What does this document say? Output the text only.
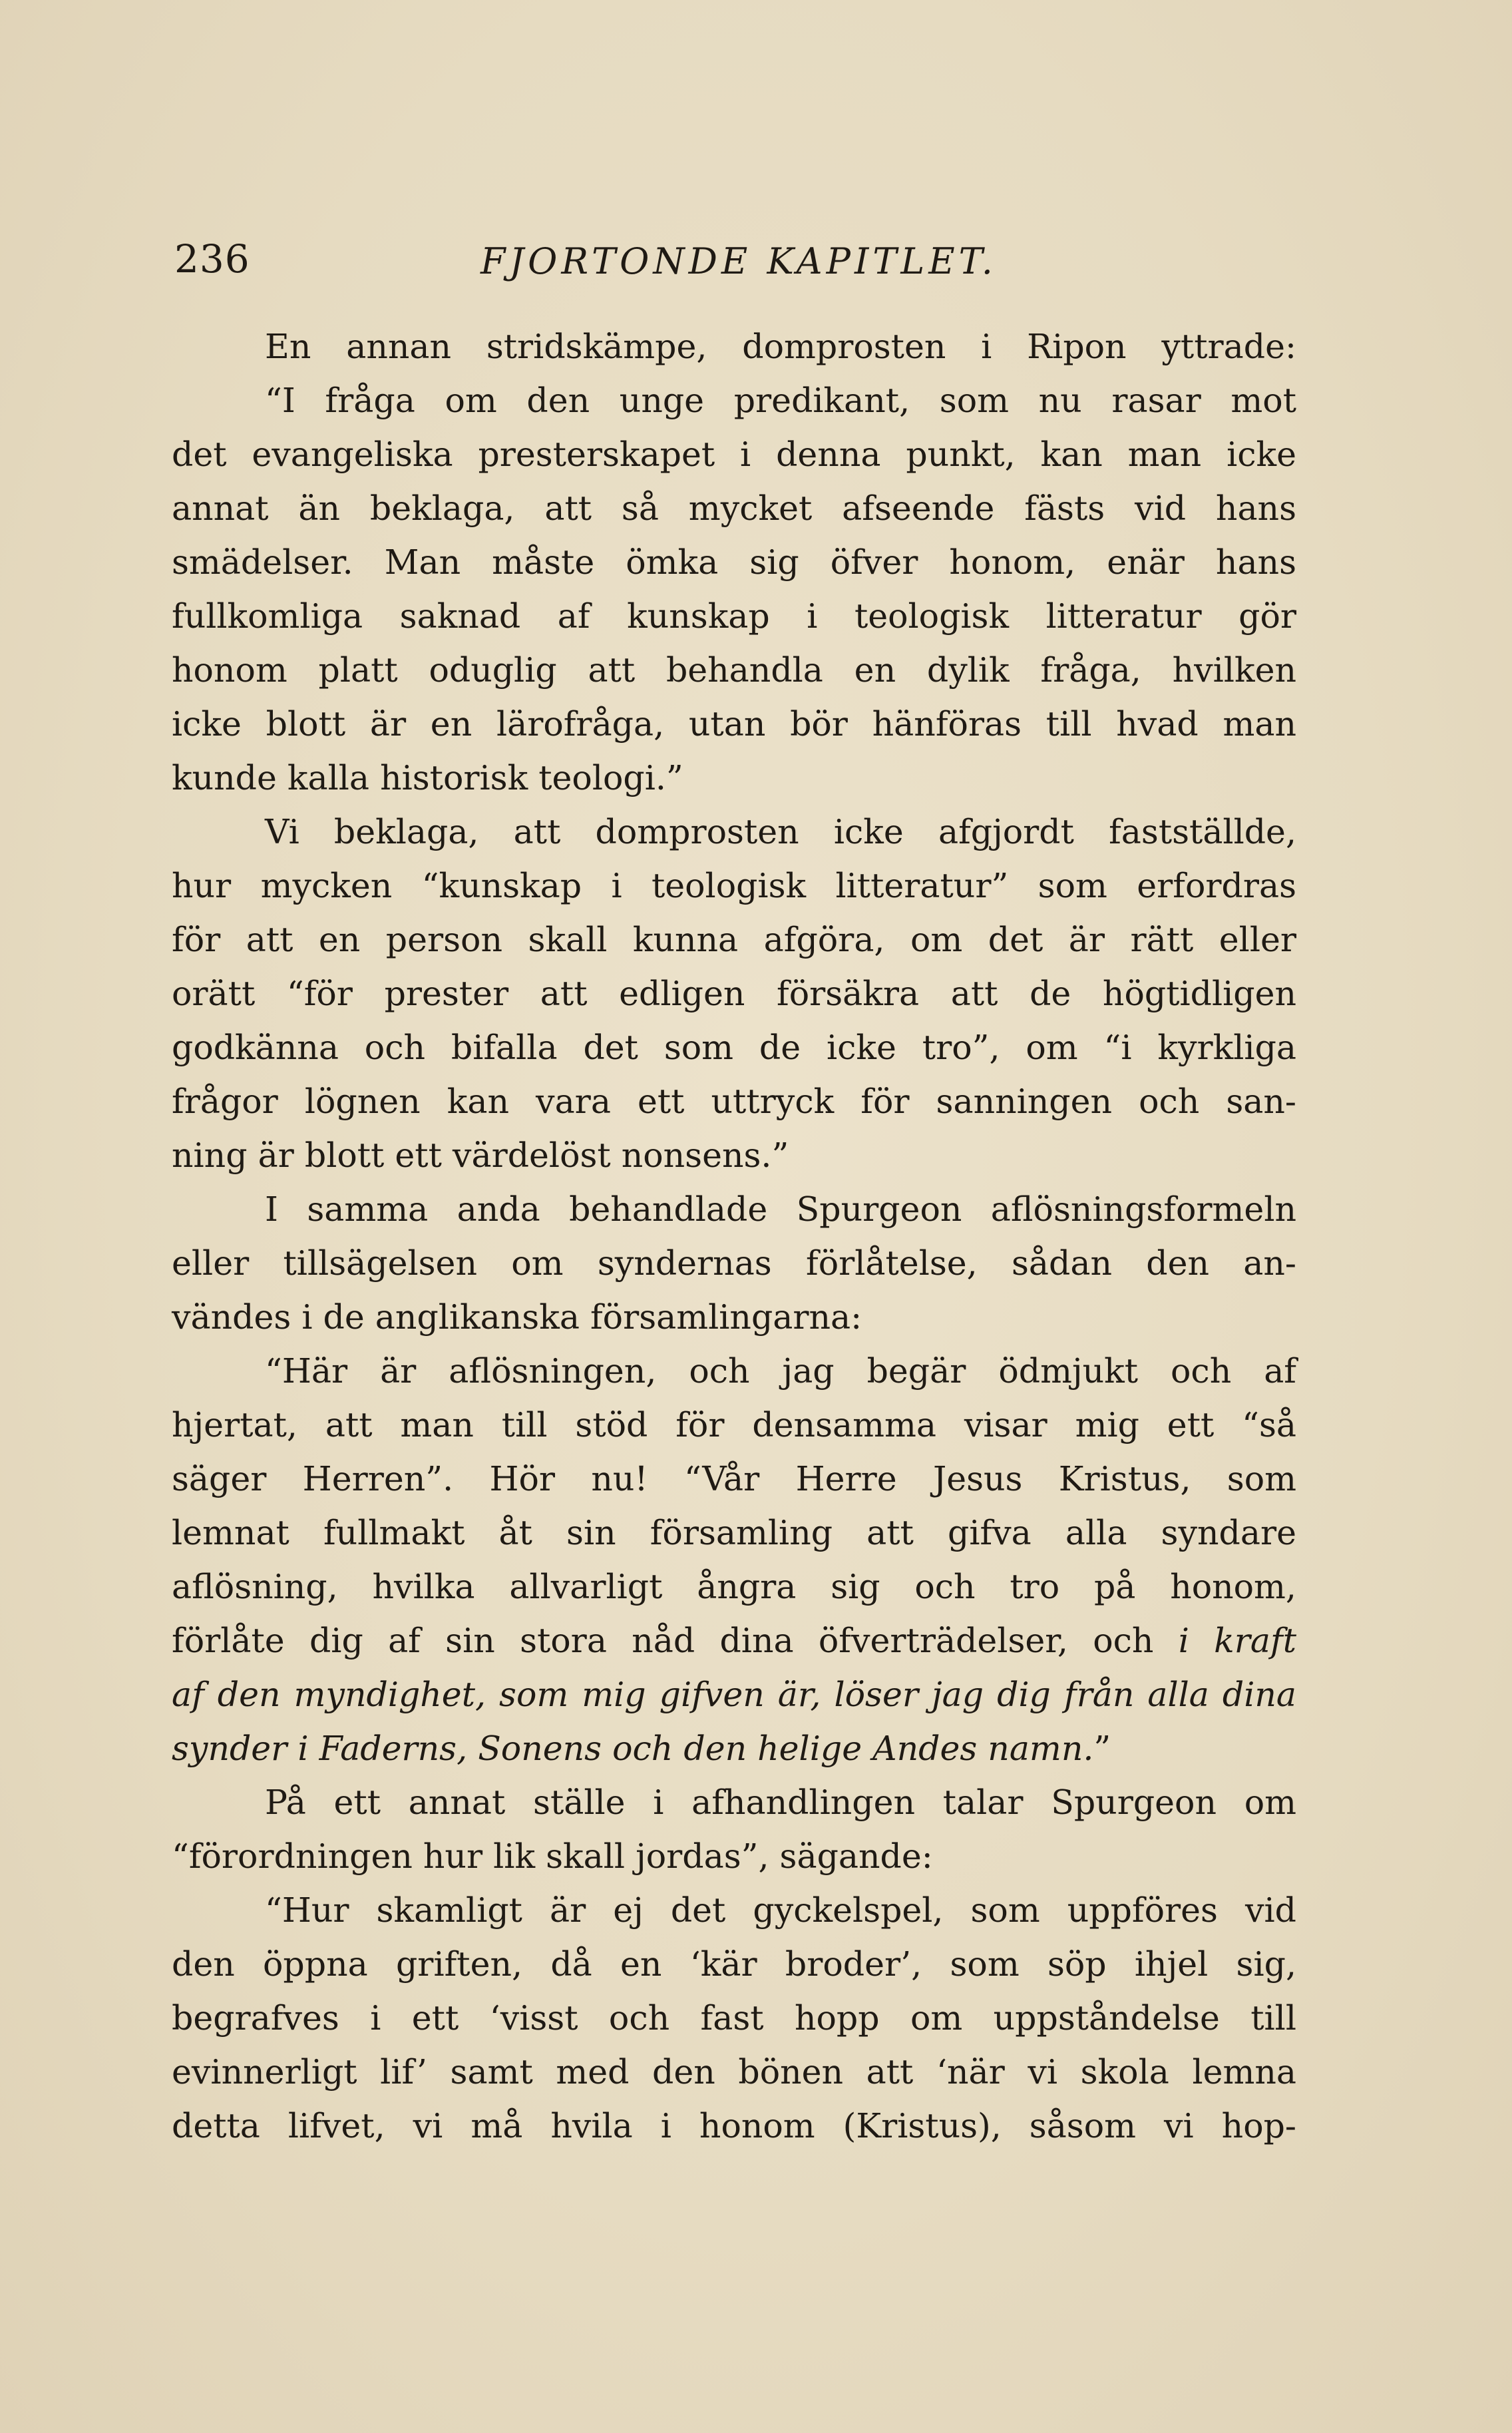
236	FJORTONDE KAPITLET.
En annan stridskämpe, domprosten i Ripon yttrade:
“I fråga om den unge predikant, som nu rasar mot
det evangeliska presterskapet i denna punkt, kan man icke
annat än beklaga, att så mycket afseende fästs vid hans
smädelser. Man måste ömka sig öfver honom, enär hans
fullkomliga saknad af kunskap i teologisk litteratur gör
honom platt oduglig att behandla en dylik fråga, hvilken
icke blott är en lärofråga, utan bör hänföras till hvad man
kunde kalla historisk teologi.”
Vi beklaga, att domprosten icke afgjordt fastställde,
hur mycken “kunskap i teologisk litteratur” som erfordras
för att en person skall kunna afgöra, om det är rätt eller
orätt “för prester att edligen försäkra att de högtidligen
godkänna och bifalla det som de icke tro”, om “i kyrkliga
frågor lögnen kan vara ett uttryck för sanningen och san-
ning är blott ett värdelöst nonsens.”
I samma anda behandlade Spurgeon aflösningsformeln
eller tillsägelsen om syndernas förlåtelse, sådan den an-
vändes i de anglikanska församlingarna:
“Här är aflösningen, och jag begär ödmjukt och af
hjertat, att man till stöd för densamma visar mig ett “så
säger Herren”. Hör nu! “Vår Herre Jesus Kristus, som
lemnat fullmakt åt sin församling att gifva alla syndare
aflösning, hvilka allvarligt ångra sig och tro på honom,
förlåte dig af sin stora nåd dina öfverträdelser, och i kraft
af den myndighet, som mig gifven är, löser jag dig från alla dina
synder i Faderns, Sonens och den helige Andes namn.”
På ett annat ställe i afhandlingen talar Spurgeon om
“förordningen hur lik skall jordas”, sägande:
“Hur skamligt är ej det gyckelspel, som uppföres vid
den öppna griften, då en ‘kär broder’, som söp ihjel sig,
begrafves i ett ‘visst och fast hopp om uppståndelse till
evinnerligt lif’ samt med den bönen att ‘när vi skola lemna
detta lifvet, vi må hvila i honom (Kristus), såsom vi hop-
